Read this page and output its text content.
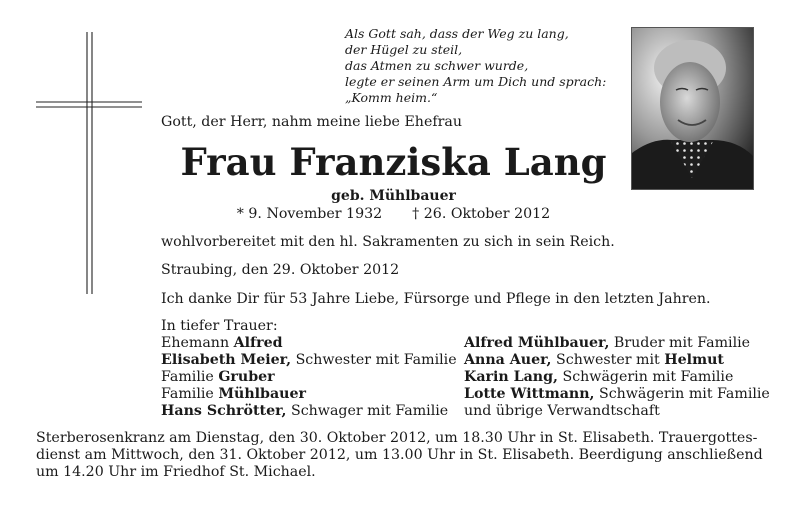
Als Gott sah, dass der Weg zu lang,
der Hügel zu steil,
das Atmen zu schwer wurde,
legte er seinen Arm um Dich und sprach:
„Komm heim.“
Gott, der Herr, nahm meine liebe Ehefrau
Frau Franziska Lang
geb. Mühlbauer
* 9. November 1932 † 26. Oktober 2012
wohlvorbereitet mit den hl. Sakramenten zu sich in sein Reich.
Straubing, den 29. Oktober 2012
Ich danke Dir für 53 Jahre Liebe, Fürsorge und Pflege in den letzten Jahren.
In tiefer Trauer:
Ehemann Alfred
Elisabeth Meier, Schwester mit Familie
Familie Gruber
Familie Mühlbauer
Hans Schrötter, Schwager mit Familie
Alfred Mühlbauer, Bruder mit Familie
Anna Auer, Schwester mit Helmut
Karin Lang, Schwägerin mit Familie
Lotte Wittmann, Schwägerin mit Familie
und übrige Verwandtschaft
Sterberosenkranz am Dienstag, den 30. Oktober 2012, um 18.30 Uhr in St. Elisabeth. Trauergottes-
dienst am Mittwoch, den 31. Oktober 2012, um 13.00 Uhr in St. Elisabeth. Beerdigung anschließend
um 14.20 Uhr im Friedhof St. Michael.
